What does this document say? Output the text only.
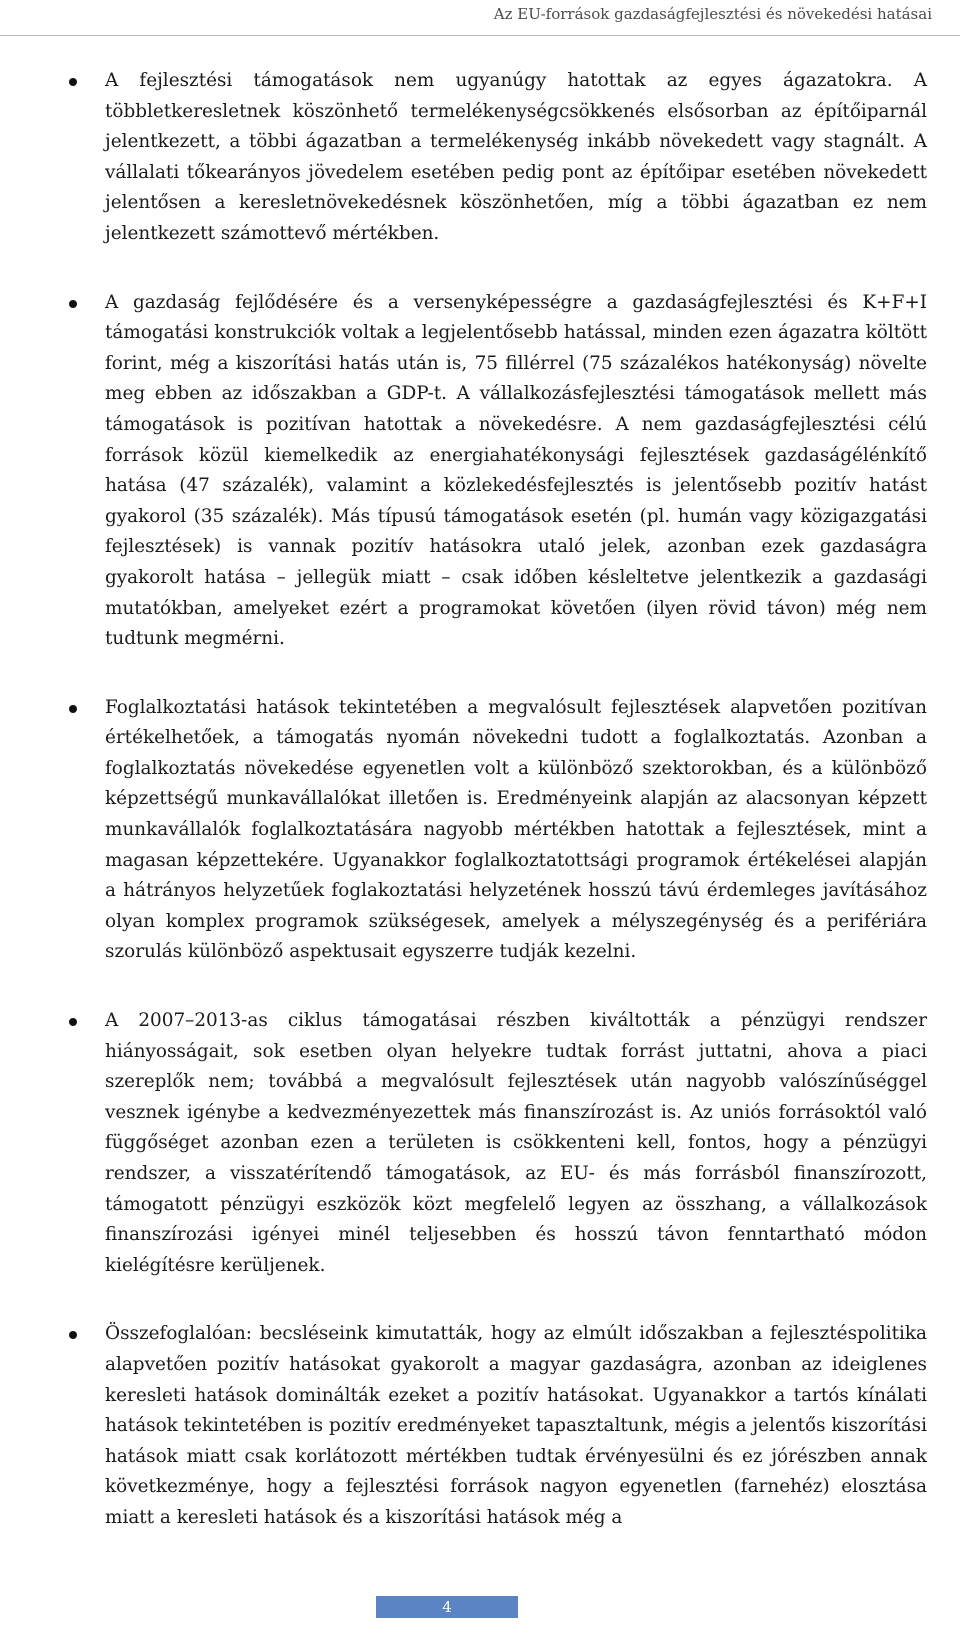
Az EU-források gazdaságfejlesztési és növekedési hatásai
A fejlesztési támogatások nem ugyanúgy hatottak az egyes ágazatokra. A többletkeresletnek köszönhető termelékenységcsökkenés elsősorban az építőiparnál jelentkezett, a többi ágazatban a termelékenység inkább növekedett vagy stagnált. A vállalati tőkearányos jövedelem esetében pedig pont az építőipar esetében növekedett jelentősen a keresletnövekedésnek köszönhetően, míg a többi ágazatban ez nem jelentkezett számottevő mértékben.
A gazdaság fejlődésére és a versenyképességre a gazdaságfejlesztési és K+F+I támogatási konstrukciók voltak a legjelentősebb hatással, minden ezen ágazatra költött forint, még a kiszorítási hatás után is, 75 fillérrel (75 százalékos hatékonyság) növelte meg ebben az időszakban a GDP-t. A vállalkozásfejlesztési támogatások mellett más támogatások is pozitívan hatottak a növekedésre. A nem gazdaságfejlesztési célú források közül kiemelkedik az energiahatékonysági fejlesztések gazdaságélénkítő hatása (47 százalék), valamint a közlekedésfejlesztés is jelentősebb pozitív hatást gyakorol (35 százalék). Más típusú támogatások esetén (pl. humán vagy közigazgatási fejlesztések) is vannak pozitív hatásokra utaló jelek, azonban ezek gazdaságra gyakorolt hatása – jellegük miatt – csak időben késleltetve jelentkezik a gazdasági mutatókban, amelyeket ezért a programokat követően (ilyen rövid távon) még nem tudtunk megmérni.
Foglalkoztatási hatások tekintetében a megvalósult fejlesztések alapvetően pozitívan értékelhetőek, a támogatás nyomán növekedni tudott a foglalkoztatás. Azonban a foglalkoztatás növekedése egyenetlen volt a különböző szektorokban, és a különböző képzettségű munkavállalókat illetően is. Eredményeink alapján az alacsonyan képzett munkavállalók foglalkoztatására nagyobb mértékben hatottak a fejlesztések, mint a magasan képzettekére. Ugyanakkor foglalkoztatottsági programok értékelései alapján a hátrányos helyzetűek foglakoztatási helyzetének hosszú távú érdemleges javításához olyan komplex programok szükségesek, amelyek a mélyszegénység és a perifériára szorulás különböző aspektusait egyszerre tudják kezelni.
A 2007–2013-as ciklus támogatásai részben kiváltották a pénzügyi rendszer hiányosságait, sok esetben olyan helyekre tudtak forrást juttatni, ahova a piaci szereplők nem; továbbá a megvalósult fejlesztések után nagyobb valószínűséggel vesznek igénybe a kedvezményezettek más finanszírozást is. Az uniós forrásoktól való függőséget azonban ezen a területen is csökkenteni kell, fontos, hogy a pénzügyi rendszer, a visszatérítendő támogatások, az EU- és más forrásból finanszírozott, támogatott pénzügyi eszközök közt megfelelő legyen az összhang, a vállalkozások finanszírozási igényei minél teljesebben és hosszú távon fenntartható módon kielégítésre kerüljenek.
Összefoglalóan: becsléseink kimutatták, hogy az elmúlt időszakban a fejlesztéspolitika alapvetően pozitív hatásokat gyakorolt a magyar gazdaságra, azonban az ideiglenes keresleti hatások dominálták ezeket a pozitív hatásokat. Ugyanakkor a tartós kínálati hatások tekintetében is pozitív eredményeket tapasztaltunk, mégis a jelentős kiszorítási hatások miatt csak korlátozott mértékben tudtak érvényesülni és ez jórészben annak következménye, hogy a fejlesztési források nagyon egyenetlen (farnehéz) elosztása miatt a keresleti hatások és a kiszorítási hatások még a
4
